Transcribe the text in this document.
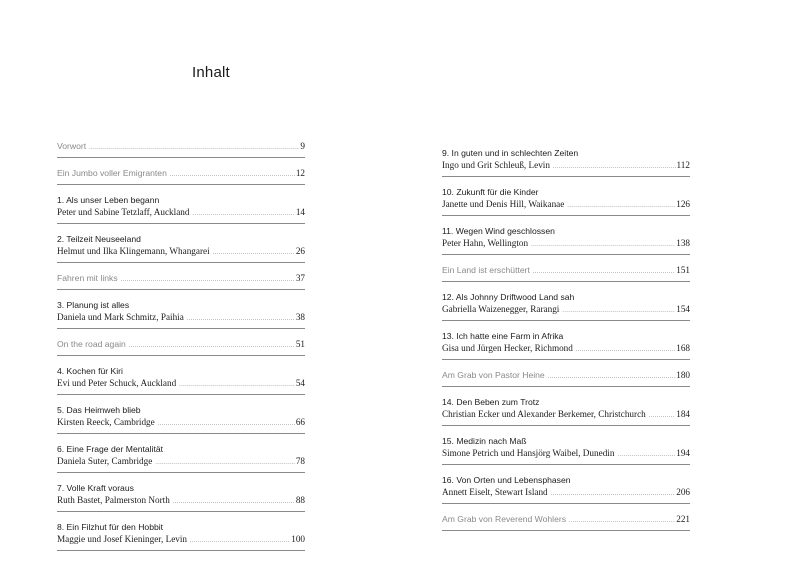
Inhalt
Vorwort .....	9
Ein Jumbo voller Emigranten .....	12
1. Als unser Leben begann
Peter und Sabine Tetzlaff, Auckland .....	14
2. Teilzeit Neuseeland
Helmut und Ilka Klingemann, Whangarei .....	26
Fahren mit links .....	37
3. Planung ist alles
Daniela und Mark Schmitz, Paihia .....	38
On the road again .....	51
4. Kochen für Kiri
Evi und Peter Schuck, Auckland .....	54
5. Das Heimweh blieb
Kirsten Reeck, Cambridge .....	66
6. Eine Frage der Mentalität
Daniela Suter, Cambridge .....	78
7. Volle Kraft voraus
Ruth Bastet, Palmerston North .....	88
8. Ein Filzhut für den Hobbit
Maggie und Josef Kieninger, Levin .....	100
9. In guten und in schlechten Zeiten
Ingo und Grit Schleuß, Levin .....	112
10. Zukunft für die Kinder
Janette und Denis Hill, Waikanae .....	126
11. Wegen Wind geschlossen
Peter Hahn, Wellington .....	138
Ein Land ist erschüttert .....	151
12. Als Johnny Driftwood Land sah
Gabriella Waizenegger, Rarangi .....	154
13. Ich hatte eine Farm in Afrika
Gisa und Jürgen Hecker, Richmond .....	168
Am Grab von Pastor Heine .....	180
14. Den Beben zum Trotz
Christian Ecker und Alexander Berkemer, Christchurch .....	184
15. Medizin nach Maß
Simone Petrich und Hansjörg Waibel, Dunedin .....	194
16. Von Orten und Lebensphasen
Annett Eiselt, Stewart Island .....	206
Am Grab von Reverend Wohlers .....	221
